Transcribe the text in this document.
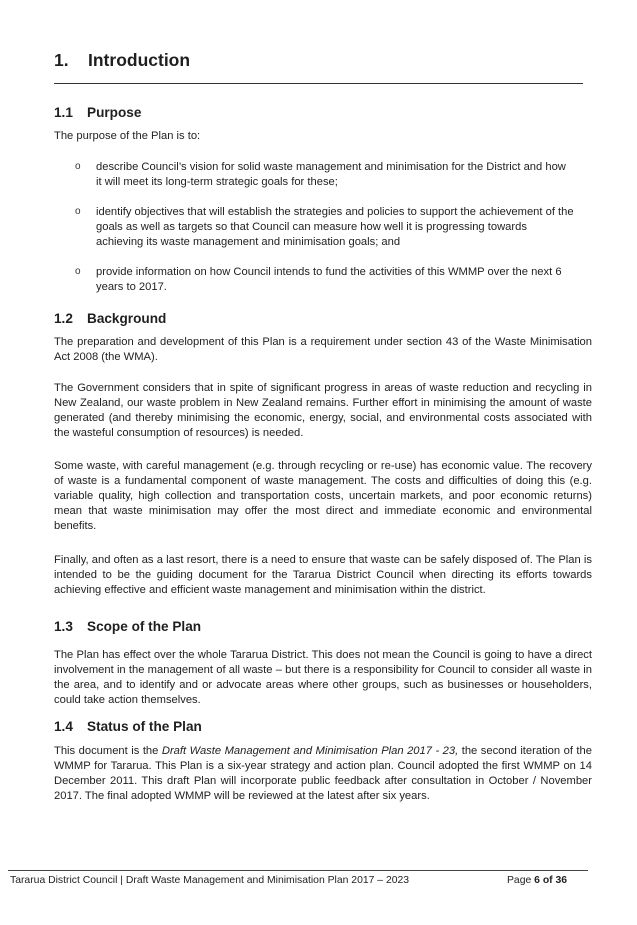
1. Introduction
1.1 Purpose

The purpose of the Plan is to:

o describe Council’s vision for solid waste management and minimisation for the District and how it will meet its long-term strategic goals for these;

o identify objectives that will establish the strategies and policies to support the achievement of the goals as well as targets so that Council can measure how well it is progressing towards achieving its waste management and minimisation goals; and

o provide information on how Council intends to fund the activities of this WMMP over the next 6 years to 2017.

1.2 Background

The preparation and development of this Plan is a requirement under section 43 of the Waste Minimisation Act 2008 (the WMA).

The Government considers that in spite of significant progress in areas of waste reduction and recycling in New Zealand, our waste problem in New Zealand remains. Further effort in minimising the amount of waste generated (and thereby minimising the economic, energy, social, and environmental costs associated with the wasteful consumption of resources) is needed.

Some waste, with careful management (e.g. through recycling or re-use) has economic value. The recovery of waste is a fundamental component of waste management. The costs and difficulties of doing this (e.g. variable quality, high collection and transportation costs, uncertain markets, and poor economic returns) mean that waste minimisation may offer the most direct and immediate economic and environmental benefits.

Finally, and often as a last resort, there is a need to ensure that waste can be safely disposed of. The Plan is intended to be the guiding document for the Tararua District Council when directing its efforts towards achieving effective and efficient waste management and minimisation within the district.

1.3 Scope of the Plan

The Plan has effect over the whole Tararua District. This does not mean the Council is going to have a direct involvement in the management of all waste – but there is a responsibility for Council to consider all waste in the area, and to identify and or advocate areas where other groups, such as businesses or householders, could take action themselves.

1.4 Status of the Plan

This document is the Draft Waste Management and Minimisation Plan 2017 - 23, the second iteration of the WMMP for Tararua. This Plan is a six-year strategy and action plan. Council adopted the first WMMP on 14 December 2011. This draft Plan will incorporate public feedback after consultation in October / November 2017. The final adopted WMMP will be reviewed at the latest after six years.

Tararua District Council | Draft Waste Management and Minimisation Plan 2017 – 2023	Page 6 of 36
